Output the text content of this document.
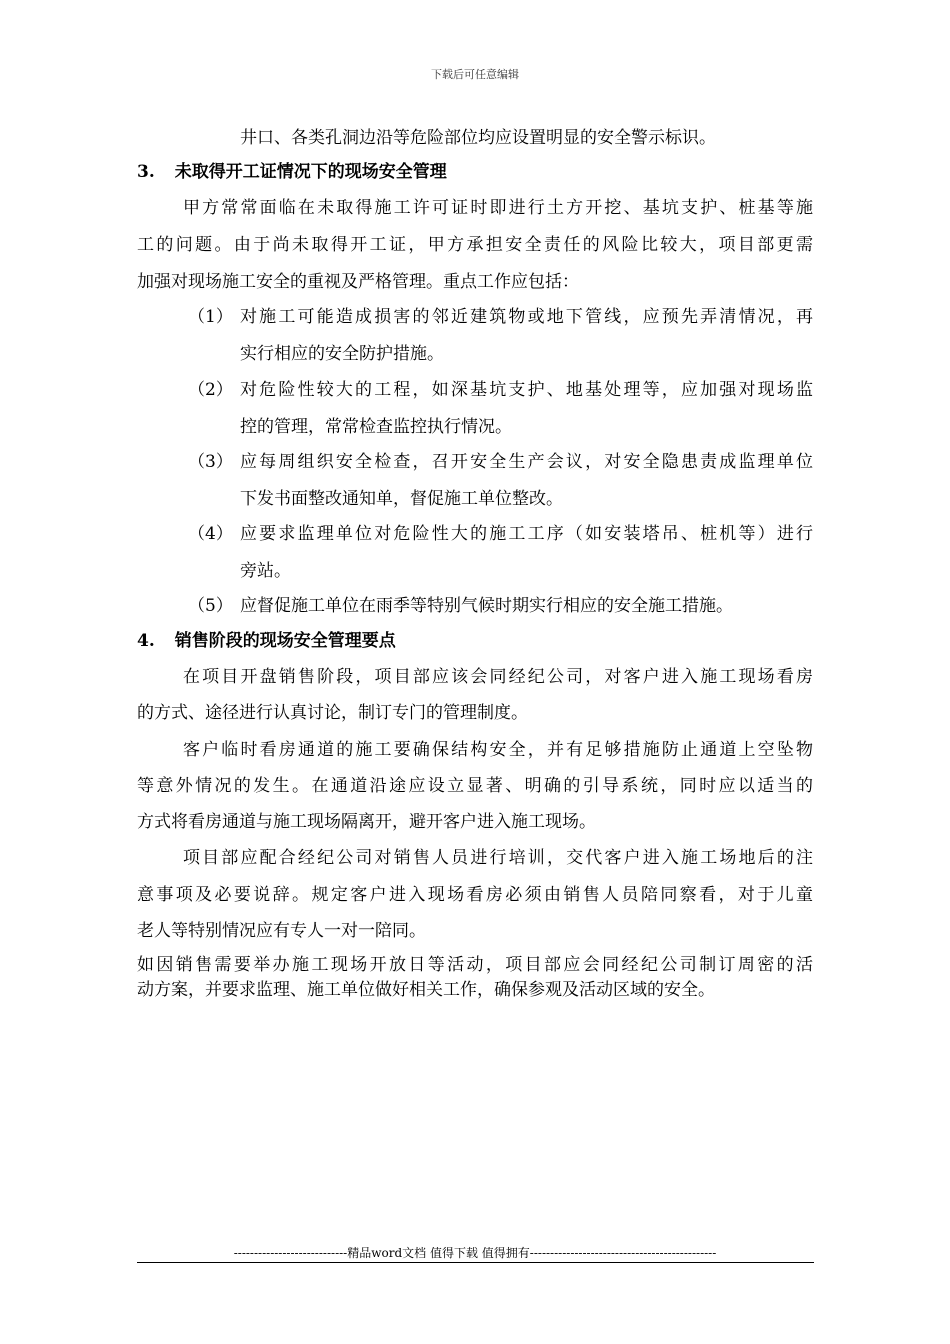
下载后可任意编辑
井口、各类孔洞边沿等危险部位均应设置明显的安全警示标识。
3. 未取得开工证情况下的现场安全管理
甲方常常面临在未取得施工许可证时即进行土方开挖、基坑支护、桩基等施
工的问题。由于尚未取得开工证，甲方承担安全责任的风险比较大，项目部更需
加强对现场施工安全的重视及严格管理。重点工作应包括：
（1） 对施工可能造成损害的邻近建筑物或地下管线，应预先弄清情况，再
实行相应的安全防护措施。
（2） 对危险性较大的工程，如深基坑支护、地基处理等，应加强对现场监
控的管理，常常检查监控执行情况。
（3） 应每周组织安全检查，召开安全生产会议，对安全隐患责成监理单位
下发书面整改通知单，督促施工单位整改。
（4） 应要求监理单位对危险性大的施工工序（如安装塔吊、桩机等）进行
旁站。
（5） 应督促施工单位在雨季等特别气候时期实行相应的安全施工措施。
4. 销售阶段的现场安全管理要点
在项目开盘销售阶段，项目部应该会同经纪公司，对客户进入施工现场看房
的方式、途径进行认真讨论，制订专门的管理制度。
客户临时看房通道的施工要确保结构安全，并有足够措施防止通道上空坠物
等意外情况的发生。在通道沿途应设立显著、明确的引导系统，同时应以适当的
方式将看房通道与施工现场隔离开，避开客户进入施工现场。
项目部应配合经纪公司对销售人员进行培训，交代客户进入施工场地后的注
意事项及必要说辞。规定客户进入现场看房必须由销售人员陪同察看，对于儿童
老人等特别情况应有专人一对一陪同。
如因销售需要举办施工现场开放日等活动，项目部应会同经纪公司制订周密的活
动方案，并要求监理、施工单位做好相关工作，确保参观及活动区域的安全。
----------------------------精品word文档 值得下载 值得拥有----------------------------------------------
